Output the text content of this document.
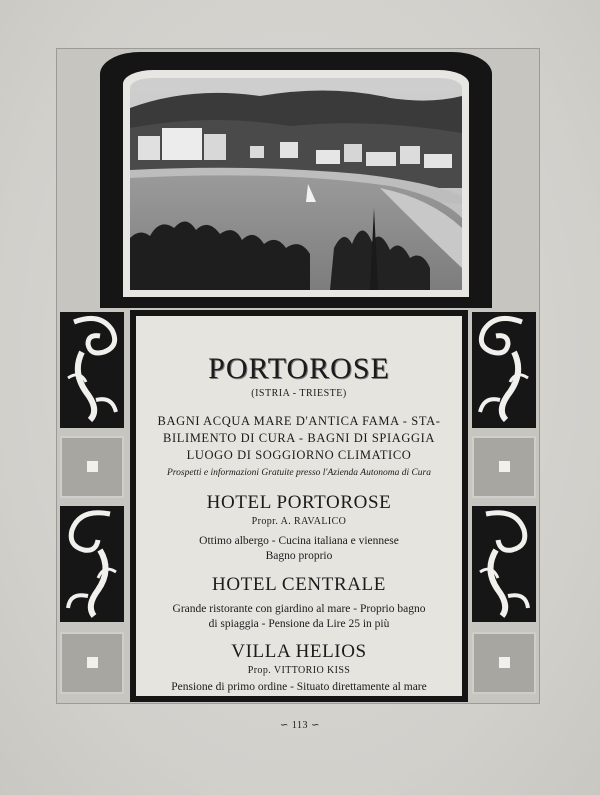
PORTOROSE
(ISTRIA - TRIESTE)
BAGNI ACQUA MARE D'ANTICA FAMA - STA-
BILIMENTO DI CURA - BAGNI DI SPIAGGIA
LUOGO DI SOGGIORNO CLIMATICO
Prospetti e informazioni Gratuite presso l'Azienda Autonoma di Cura
HOTEL PORTOROSE
Propr. A. RAVALICO
Ottimo albergo - Cucina italiana e viennese
Bagno proprio
HOTEL CENTRALE
Grande ristorante con giardino al mare - Proprio bagno
di spiaggia - Pensione da Lire 25 in più
VILLA HELIOS
Prop. VITTORIO KISS
Pensione di primo ordine - Situato direttamente al mare
∽ 113 ∽
